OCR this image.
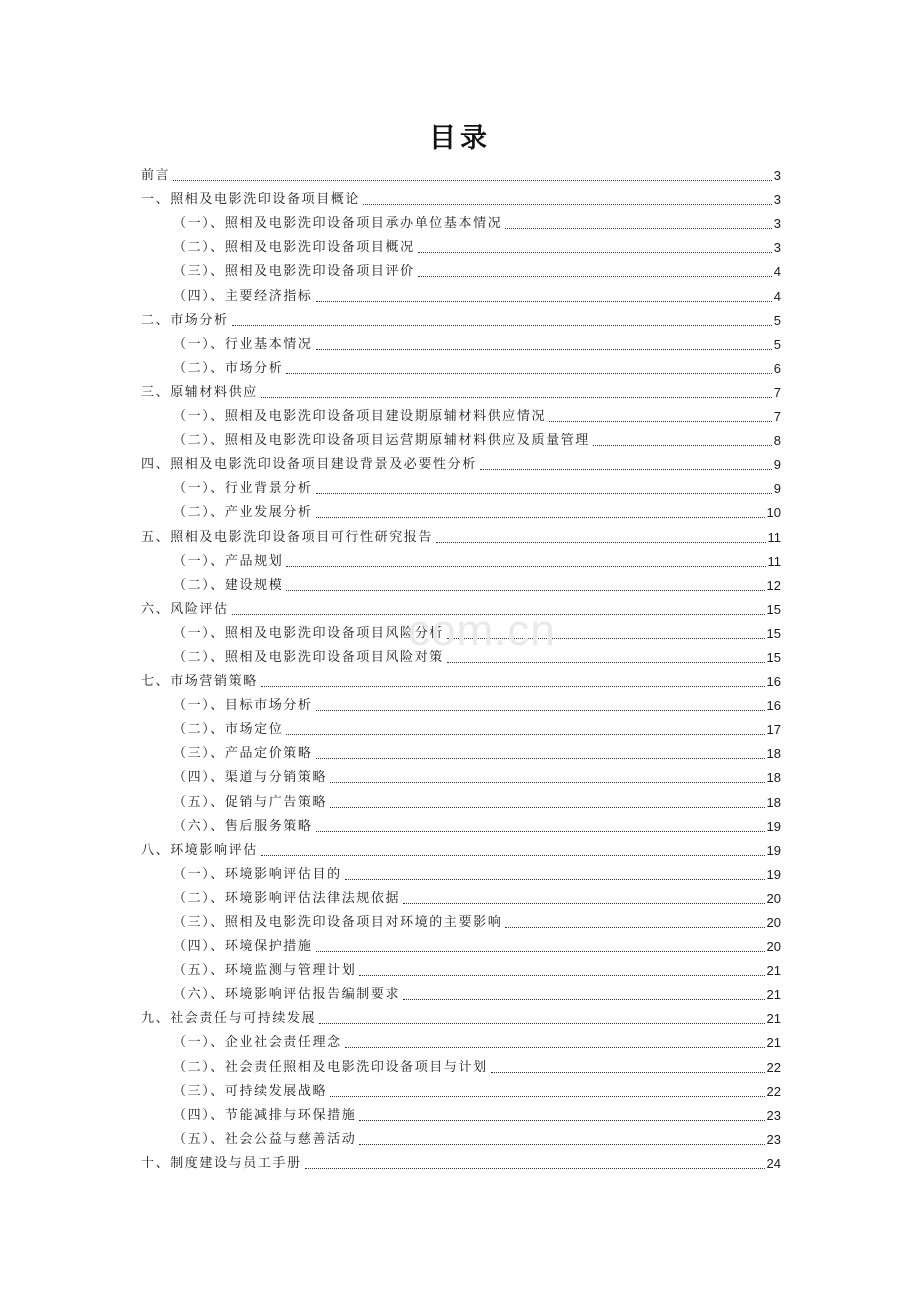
目录
前言	3
一、照相及电影洗印设备项目概论	3
（一）、照相及电影洗印设备项目承办单位基本情况	3
（二）、照相及电影洗印设备项目概况	3
（三）、照相及电影洗印设备项目评价	4
（四）、主要经济指标	4
二、市场分析	5
（一）、行业基本情况	5
（二）、市场分析	6
三、原辅材料供应	7
（一）、照相及电影洗印设备项目建设期原辅材料供应情况	7
（二）、照相及电影洗印设备项目运营期原辅材料供应及质量管理	8
四、照相及电影洗印设备项目建设背景及必要性分析	9
（一）、行业背景分析	9
（二）、产业发展分析	10
五、照相及电影洗印设备项目可行性研究报告	11
（一）、产品规划	11
（二）、建设规模	12
六、风险评估	15
（一）、照相及电影洗印设备项目风险分析	15
（二）、照相及电影洗印设备项目风险对策	15
七、市场营销策略	16
（一）、目标市场分析	16
（二）、市场定位	17
（三）、产品定价策略	18
（四）、渠道与分销策略	18
（五）、促销与广告策略	18
（六）、售后服务策略	19
八、环境影响评估	19
（一）、环境影响评估目的	19
（二）、环境影响评估法律法规依据	20
（三）、照相及电影洗印设备项目对环境的主要影响	20
（四）、环境保护措施	20
（五）、环境监测与管理计划	21
（六）、环境影响评估报告编制要求	21
九、社会责任与可持续发展	21
（一）、企业社会责任理念	21
（二）、社会责任照相及电影洗印设备项目与计划	22
（三）、可持续发展战略	22
（四）、节能减排与环保措施	23
（五）、社会公益与慈善活动	23
十、制度建设与员工手册	24
com.cn
